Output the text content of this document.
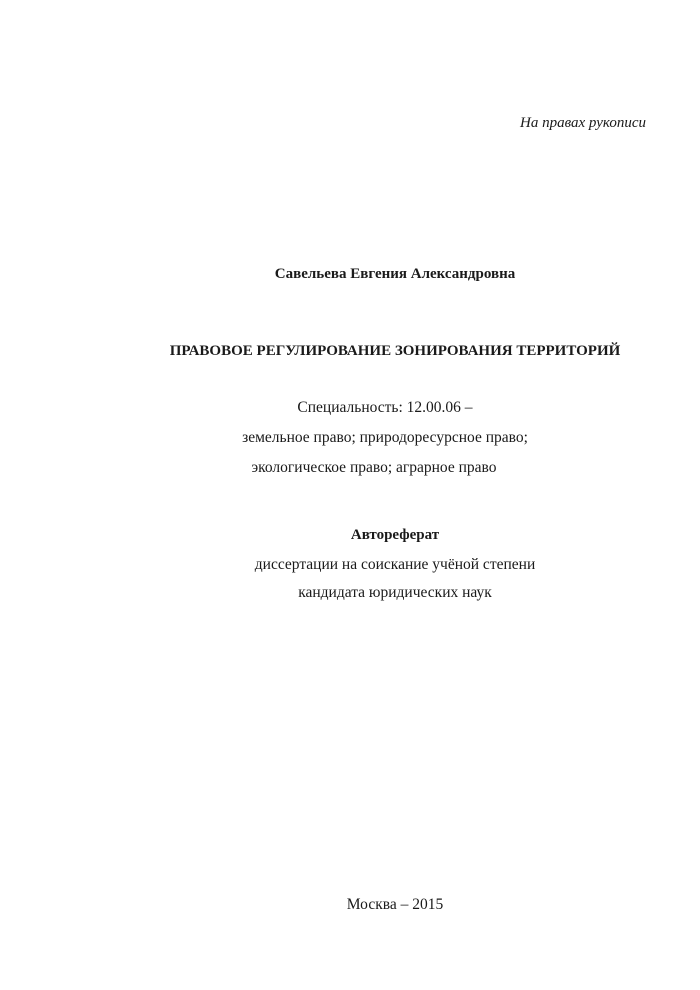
На правах рукописи
Савельева Евгения Александровна
ПРАВОВОЕ РЕГУЛИРОВАНИЕ ЗОНИРОВАНИЯ ТЕРРИТОРИЙ
Специальность: 12.00.06 –
земельное право; природоресурсное право;
экологическое право; аграрное право
Автореферат
диссертации на соискание учёной степени
кандидата юридических наук
Москва – 2015
